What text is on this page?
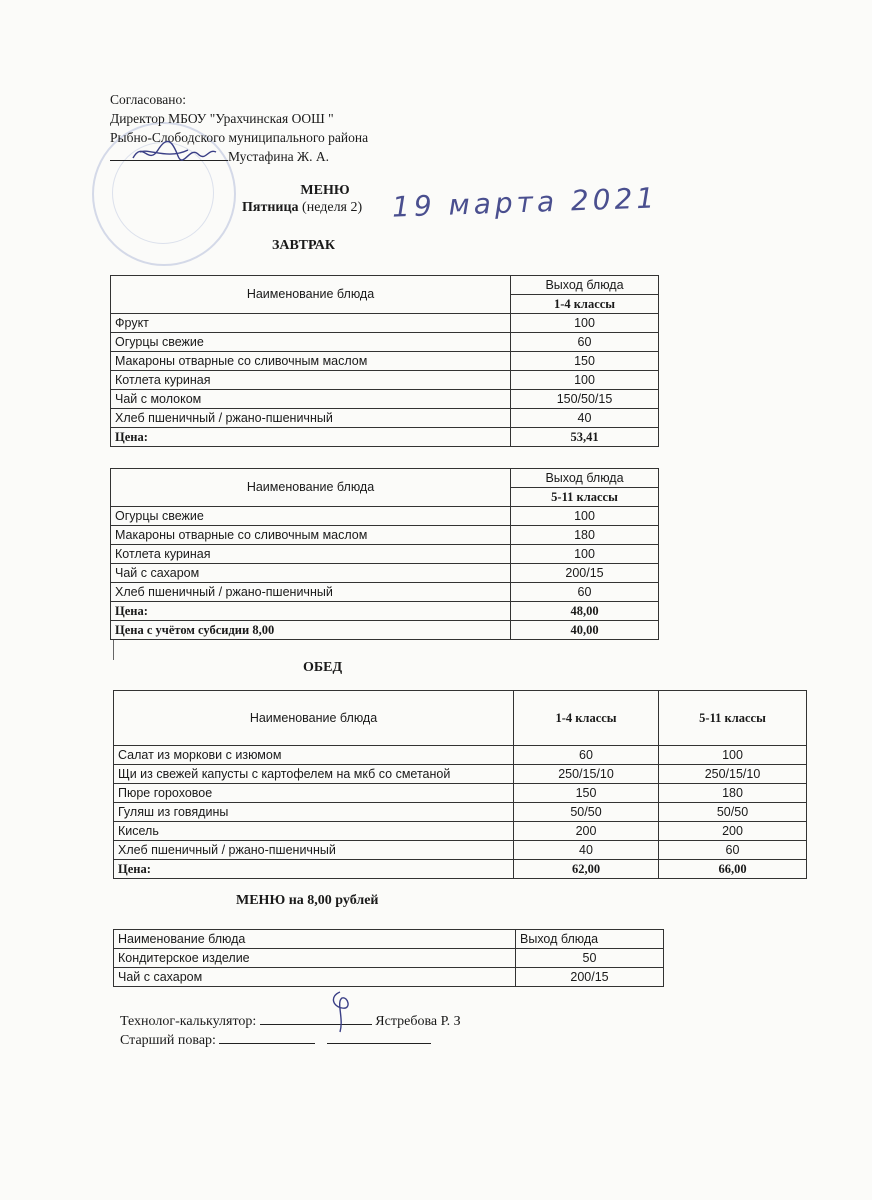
Согласовано:
Директор МБОУ "Урахчинская ООШ "
Рыбно-Слободского муниципального района
Мустафина Ж. А.
МЕНЮ
Пятница (неделя 2) 19 марта 2021
ЗАВТРАК
Наименование блюда	Выход блюда
	1-4 классы
Фрукт	100
Огурцы свежие	60
Макароны отварные со сливочным маслом	150
Котлета куриная	100
Чай с молоком	150/50/15
Хлеб пшеничный / ржано-пшеничный	40
Цена:	53,41
Наименование блюда	Выход блюда
	5-11 классы
Огурцы свежие	100
Макароны отварные со сливочным маслом	180
Котлета куриная	100
Чай с сахаром	200/15
Хлеб пшеничный / ржано-пшеничный	60
Цена:	48,00
Цена с учётом субсидии 8,00	40,00
ОБЕД
Наименование блюда	1-4 классы	5-11 классы
Салат из моркови с изюмом	60	100
Щи из свежей капусты с картофелем на мкб со сметаной	250/15/10	250/15/10
Пюре гороховое	150	180
Гуляш из говядины	50/50	50/50
Кисель	200	200
Хлеб пшеничный / ржано-пшеничный	40	60
Цена:	62,00	66,00
МЕНЮ на 8,00 рублей
Наименование блюда	Выход блюда
Кондитерское изделие	50
Чай с сахаром	200/15
Технолог-калькулятор:	Ястребова Р. З
Старший повар:
